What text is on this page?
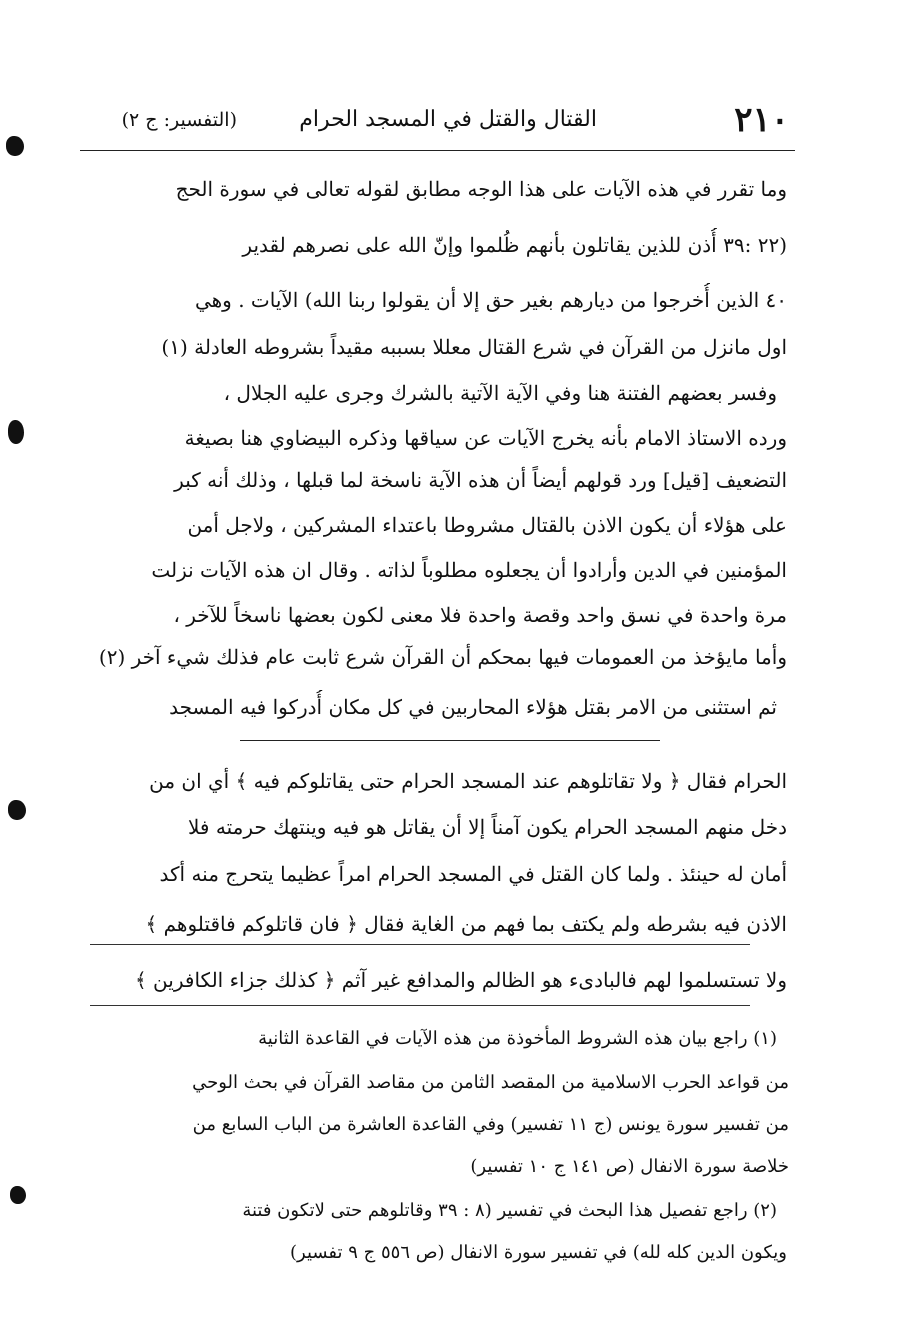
٢١٠
القتال والقتل في المسجد الحرام
(التفسير: ج ٢)
وما تقرر في هذه الآيات على هذا الوجه مطابق لقوله تعالى في سورة الحج
(٢٢ :٣٩ أُذن للذين يقاتلون بأنهم ظُلموا وإنّ الله على نصرهم لقدير
٤٠ الذين أُخرجوا من ديارهم بغير حق إلا أن يقولوا ربنا الله) الآيات . وهي
اول مانزل من القرآن في شرع القتال معللا بسببه مقيداً بشروطه العادلة (١)
وفسر بعضهم الفتنة هنا وفي الآية الآتية بالشرك وجرى عليه الجلال ،
ورده الاستاذ الامام بأنه يخرج الآيات عن سياقها وذكره البيضاوي هنا بصيغة
التضعيف [قيل] ورد قولهم أيضاً أن هذه الآية ناسخة لما قبلها ، وذلك أنه كبر
على هؤلاء أن يكون الاذن بالقتال مشروطا باعتداء المشركين ، ولاجل أمن
المؤمنين في الدين وأرادوا أن يجعلوه مطلوباً لذاته . وقال ان هذه الآيات نزلت
مرة واحدة في نسق واحد وقصة واحدة فلا معنى لكون بعضها ناسخاً للآخر ،
وأما مايؤخذ من العمومات فيها بمحكم أن القرآن شرع ثابت عام فذلك شيء آخر (٢)
ثم استثنى من الامر بقتل هؤلاء المحاربين في كل مكان أُدركوا فيه المسجد
الحرام فقال ﴿ ولا تقاتلوهم عند المسجد الحرام حتى يقاتلوكم فيه ﴾ أي ان من
دخل منهم المسجد الحرام يكون آمناً إلا أن يقاتل هو فيه وينتهك حرمته فلا
أمان له حينئذ . ولما كان القتل في المسجد الحرام امراً عظيما يتحرج منه أكد
الاذن فيه بشرطه ولم يكتف بما فهم من الغاية فقال ﴿ فان قاتلوكم فاقتلوهم ﴾
ولا تستسلموا لهم فالبادىء هو الظالم والمدافع غير آثم ﴿ كذلك جزاء الكافرين ﴾
(١) راجع بيان هذه الشروط المأخوذة من هذه الآيات في القاعدة الثانية
من قواعد الحرب الاسلامية من المقصد الثامن من مقاصد القرآن في بحث الوحي
من تفسير سورة يونس (ج ١١ تفسير) وفي القاعدة العاشرة من الباب السابع من
خلاصة سورة الانفال (ص ١٤١ ج ١٠ تفسير)
(٢) راجع تفصيل هذا البحث في تفسير (٨ : ٣٩ وقاتلوهم حتى لاتكون فتنة
ويكون الدين كله لله) في تفسير سورة الانفال (ص ٥٥٦ ج ٩ تفسير)
